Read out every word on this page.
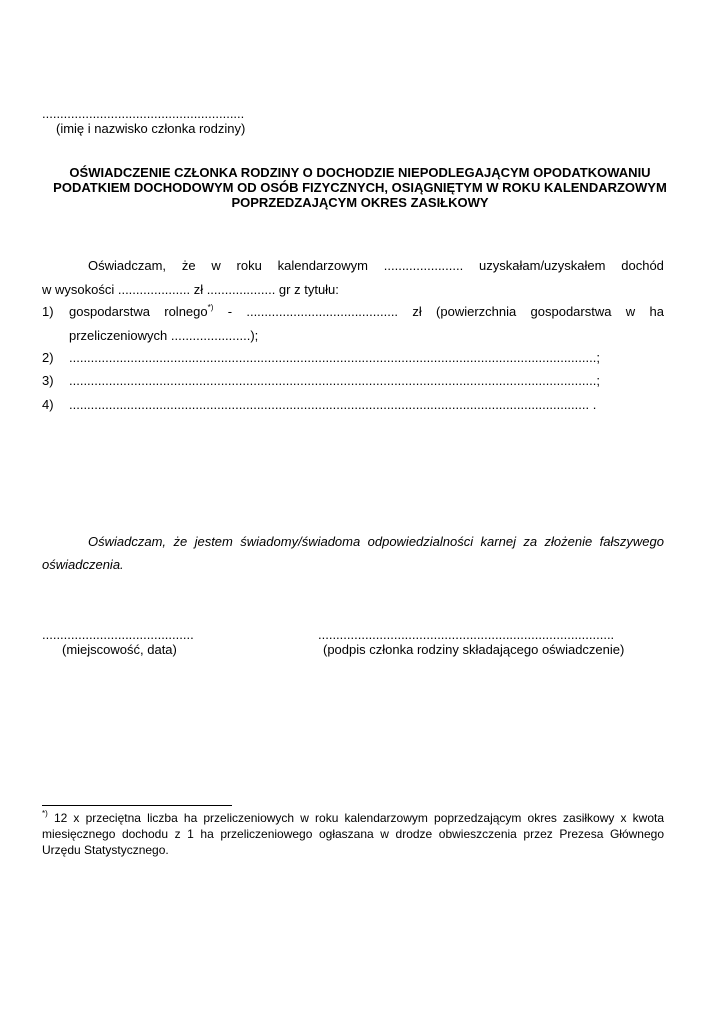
........................................................
(imię i nazwisko członka rodziny)
OŚWIADCZENIE CZŁONKA RODZINY O DOCHODZIE NIEPODLEGAJĄCYM OPODATKOWANIU PODATKIEM DOCHODOWYM OD OSÓB FIZYCZNYCH, OSIĄGNIĘTYM W ROKU KALENDARZOWYM POPRZEDZAJĄCYM OKRES ZASIŁKOWY
Oświadczam, że w roku kalendarzowym ...................... uzyskałam/uzyskałem dochód
w wysokości .................... zł ................... gr z tytułu:
1) gospodarstwa rolnego*) - .......................................... zł (powierzchnia gospodarstwa w ha
przeliczeniowych ......................);
2) ..................................................................................................................................................;
3) ..................................................................................................................................................;
4) ................................................................................................................................................ .
Oświadczam, że jestem świadomy/świadoma odpowiedzialności karnej za złożenie fałszywego
oświadczenia.
..........................................
(miejscowość, data)
..................................................................................
(podpis członka rodziny składającego oświadczenie)
*) 12 x przeciętna liczba ha przeliczeniowych w roku kalendarzowym poprzedzającym okres zasiłkowy x kwota miesięcznego dochodu z 1 ha przeliczeniowego ogłaszana w drodze obwieszczenia przez Prezesa Głównego Urzędu Statystycznego.
